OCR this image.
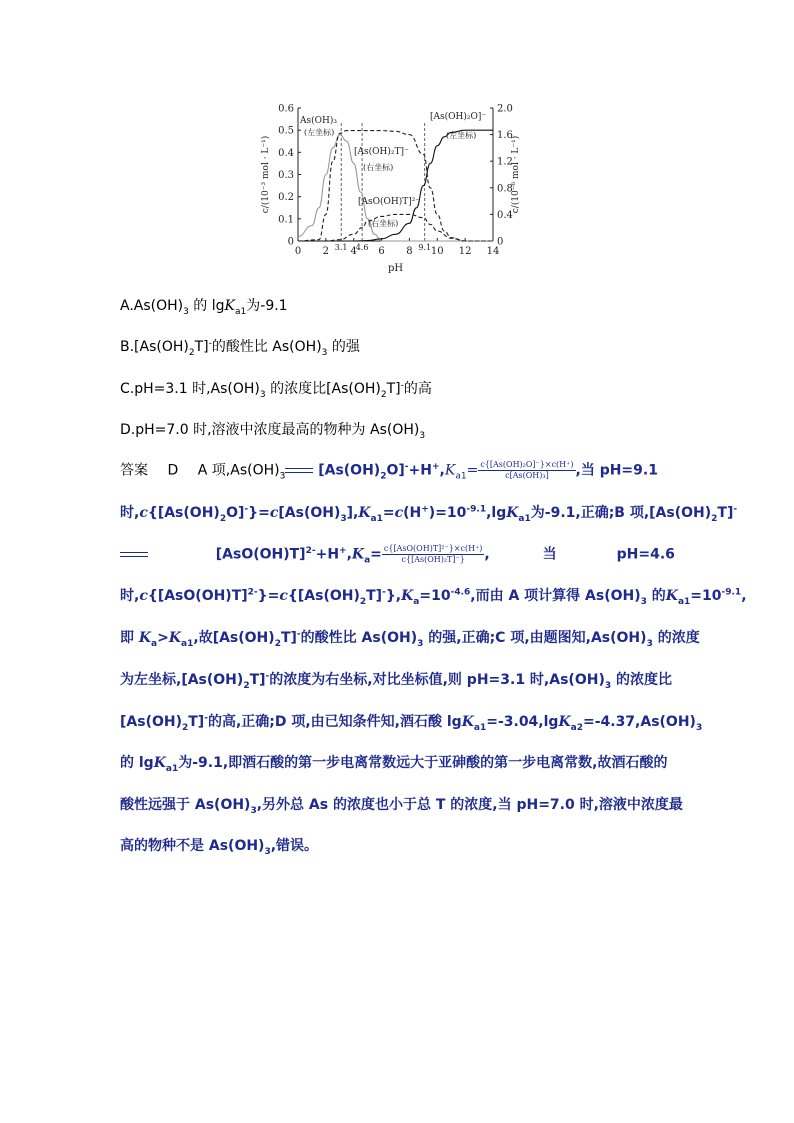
0 2 4 6 8 10 12 14
3.1 4.6	9.1
0
0.1
0.2
0.3
0.4
0.5
0.6
0
0.4
0.8
1.2
1.6
2.0
pH
c/(10⁻³ mol · L⁻¹)	c/(10⁻⁶ mol · L⁻¹)
As(OH)₃
(左坐标)
[As(OH)₂T]⁻
(右坐标)
[AsO(OH)T]²⁻
(右坐标)
[As(OH)₂O]⁻
(左坐标)
$A.As(OH)_3$ 的 lgK$_{a1}$为-9.1
$B.[As(OH)_2T]^-$的酸性比 $As(OH)_3$ 的强
C.pH=3.1 时$,As(OH)_3$ 的浓度比$[As(OH)_2T]^-$的高
D.pH=7.0 时,溶液中浓度最高的物种为 $As(OH)_3$
答案 D A 项$,As(OH)_3$ $[As(OH)_2O]^-+H^+,K_{a1}= \frac{\text{c\{[As(OH)₂O]⁻\}×c(H⁺)}}{\text{c[As(OH)₃]}}$ ,当 pH=9.1
时$,c\{[As(OH)_2O]^-\}=c[As(OH)_3],K_{a1}=c(H^+)=10^{-9.1},\lg K_{a1}$为-9.1,正确;B 项$,[As(OH)_2T]^-$
$[AsO(OH)T]^{2-}+H^+,K_a= \frac{\text{c\{[AsO(OH)T]²⁻\}×c(H⁺)}}{\text{c\{[As(OH)₂T]⁻\}}}$ ,	当	pH=4.6
时$,c\{[AsO(OH)T]^{2-}\}=c\{[As(OH)_2T]^-\},K_a=10^{-4.6}$,而由 A 项计算得 $As(OH)_3$ 的$K_{a1}=10^{-9.1}$,
即 $K_a>K_{a1}$,故$[As(OH)_2T]^-$的酸性比 $As(OH)_3$ 的强,正确;C 项,由题图知$,As(OH)_3$ 的浓度
为左坐标$,[As(OH)_2T]^-$的浓度为右坐标,对比坐标值,则 pH=3.1 时$,As(OH)_3$ 的浓度比
$[As(OH)_2T]^-$的高,正确;D 项,由已知条件知,酒石酸 $\lg K_{a1}=-3.04,\lg K_{a2}=-4.37,As(OH)_3$
的 lgK$_{a1}$为-9.1,即酒石酸的第一步电离常数远大于亚砷酸的第一步电离常数,故酒石酸的
酸性远强于 $As(OH)_3$,另外总 As 的浓度也小于总 T 的浓度,当 pH=7.0 时,溶液中浓度最
高的物种不是 $As(OH)_3$,错误。
